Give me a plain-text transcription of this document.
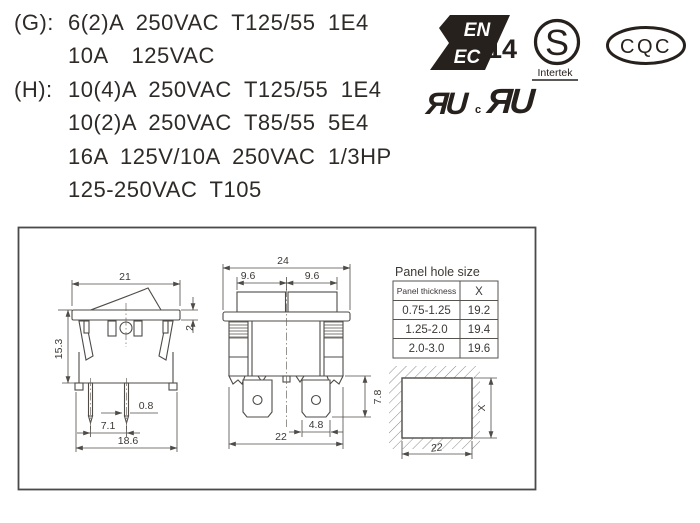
(G): 6(2)A 250VAC T125/55 1E4
10A  125VAC
(H): 10(4)A 250VAC T125/55 1E4
10(2)A 250VAC T85/55 5E4
16A 125V/10A 250VAC 1/3HP
125-250VAC T105
EN
EC 14 S
Intertek
CQC
ЯU c ЯU
21
2
15.3
0.8
7.1
18.6
24
9.6	9.6
7.8
4.8
22
Panel hole size
Panel thickness X
0.75-1.25 19.2
1.25-2.0 19.4
2.0-3.0 19.6
X
22
